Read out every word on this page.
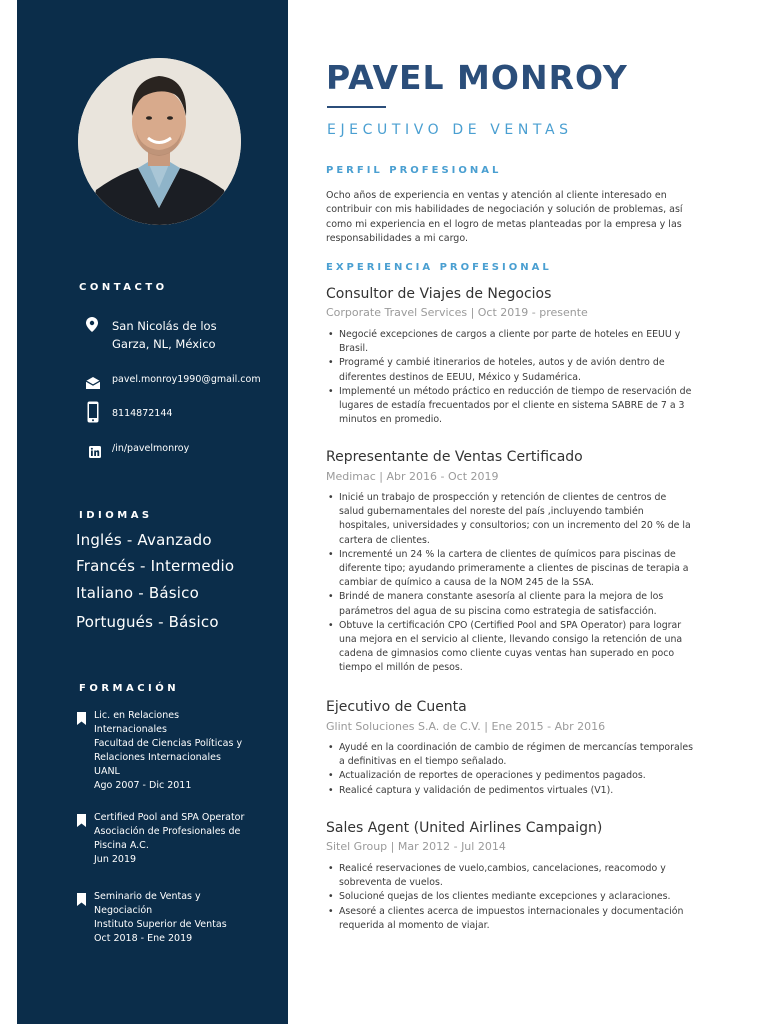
CONTACTO
San Nicolás de los
Garza, NL, México
pavel.monroy1990@gmail.com
8114872144
/in/pavelmonroy
IDIOMAS
Inglés - Avanzado
Francés - Intermedio
Italiano - Básico
Portugués - Básico
FORMACIÓN
Lic. en Relaciones
Internacionales
Facultad de Ciencias Políticas y
Relaciones Internacionales
UANL
Ago 2007 - Dic 2011
Certified Pool and SPA Operator
Asociación de Profesionales de
Piscina A.C.
Jun 2019
Seminario de Ventas y
Negociación
Instituto Superior de Ventas
Oct 2018 - Ene 2019
PAVEL MONROY
EJECUTIVO DE VENTAS
PERFIL PROFESIONAL
Ocho años de experiencia en ventas y atención al cliente interesado en contribuir con mis habilidades de negociación y solución de problemas, así como mi experiencia en el logro de metas planteadas por la empresa y las responsabilidades a mi cargo.
EXPERIENCIA PROFESIONAL
Consultor de Viajes de Negocios
Corporate Travel Services | Oct 2019 - presente
• Negocié excepciones de cargos a cliente por parte de hoteles en EEUU y Brasil.
• Programé y cambié itinerarios de hoteles, autos y de avión dentro de diferentes destinos de EEUU, México y Sudamérica.
• Implementé un método práctico en reducción de tiempo de reservación de lugares de estadía frecuentados por el cliente en sistema SABRE de 7 a 3 minutos en promedio.
Representante de Ventas Certificado
Medimac | Abr 2016 - Oct 2019
• Inicié un trabajo de prospección y retención de clientes de centros de salud gubernamentales del noreste del país ,incluyendo también hospitales, universidades y consultorios; con un incremento del 20 % de la cartera de clientes.
• Incrementé un 24 % la cartera de clientes de químicos para piscinas de diferente tipo; ayudando primeramente a clientes de piscinas de terapia a cambiar de químico a causa de la NOM 245 de la SSA.
• Brindé de manera constante asesoría al cliente para la mejora de los parámetros del agua de su piscina como estrategia de satisfacción.
• Obtuve la certificación CPO (Certified Pool and SPA Operator) para lograr una mejora en el servicio al cliente, llevando consigo la retención de una cadena de gimnasios como cliente cuyas ventas han superado en poco tiempo el millón de pesos.
Ejecutivo de Cuenta
Glint Soluciones S.A. de C.V. | Ene 2015 - Abr 2016
• Ayudé en la coordinación de cambio de régimen de mercancías temporales a definitivas en el tiempo señalado.
• Actualización de reportes de operaciones y pedimentos pagados.
• Realicé captura y validación de pedimentos virtuales (V1).
Sales Agent (United Airlines Campaign)
Sitel Group | Mar 2012 - Jul 2014
• Realicé reservaciones de vuelo,cambios, cancelaciones, reacomodo y sobreventa de vuelos.
• Solucioné quejas de los clientes mediante excepciones y aclaraciones.
• Asesoré a clientes acerca de impuestos internacionales y documentación requerida al momento de viajar.
